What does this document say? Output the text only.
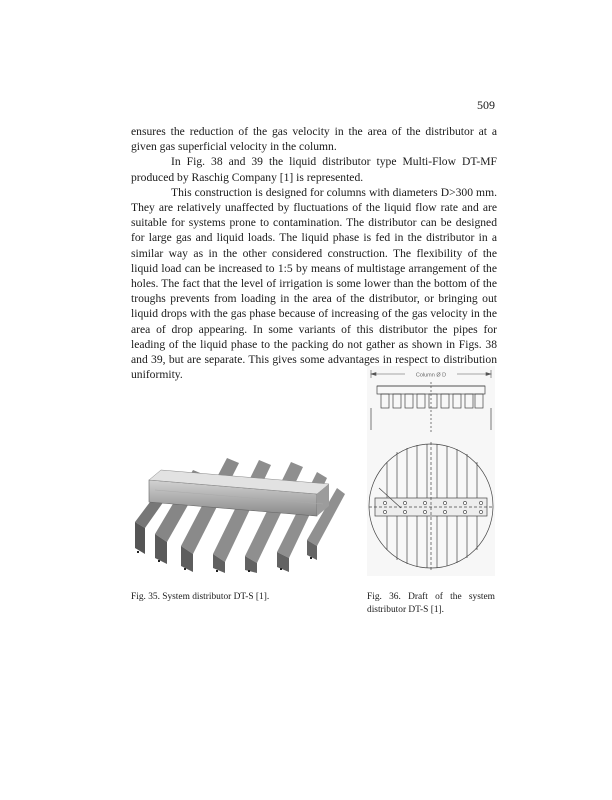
509

ensures the reduction of the gas velocity in the area of the distributor at a given gas superficial velocity in the column.

In Fig. 38 and 39 the liquid distributor type Multi-Flow DT-MF produced by Raschig Company [1] is represented.

This construction is designed for columns with diameters D>300 mm. They are relatively unaffected by fluctuations of the liquid flow rate and are suitable for systems prone to contamination. The distributor can be designed for large gas and liquid loads. The liquid phase is fed in the distributor in a similar way as in the other considered construction. The flexibility of the liquid load can be increased to 1:5 by means of multistage arrangement of the holes. The fact that the level of irrigation is some lower than the bottom of the troughs prevents from loading in the area of the distributor, or bringing out liquid drops with the gas phase because of increasing of the gas velocity in the area of drop appearing. In some variants of this distributor the pipes for leading of the liquid phase to the packing do not gather as shown in Figs. 38 and 39, but are separate. This gives some advantages in respect to distribution uniformity.	Column Ø D

Fig. 35. System distributor DT-S [1].	Fig. 36. Draft of the system
distributor DT-S [1].
